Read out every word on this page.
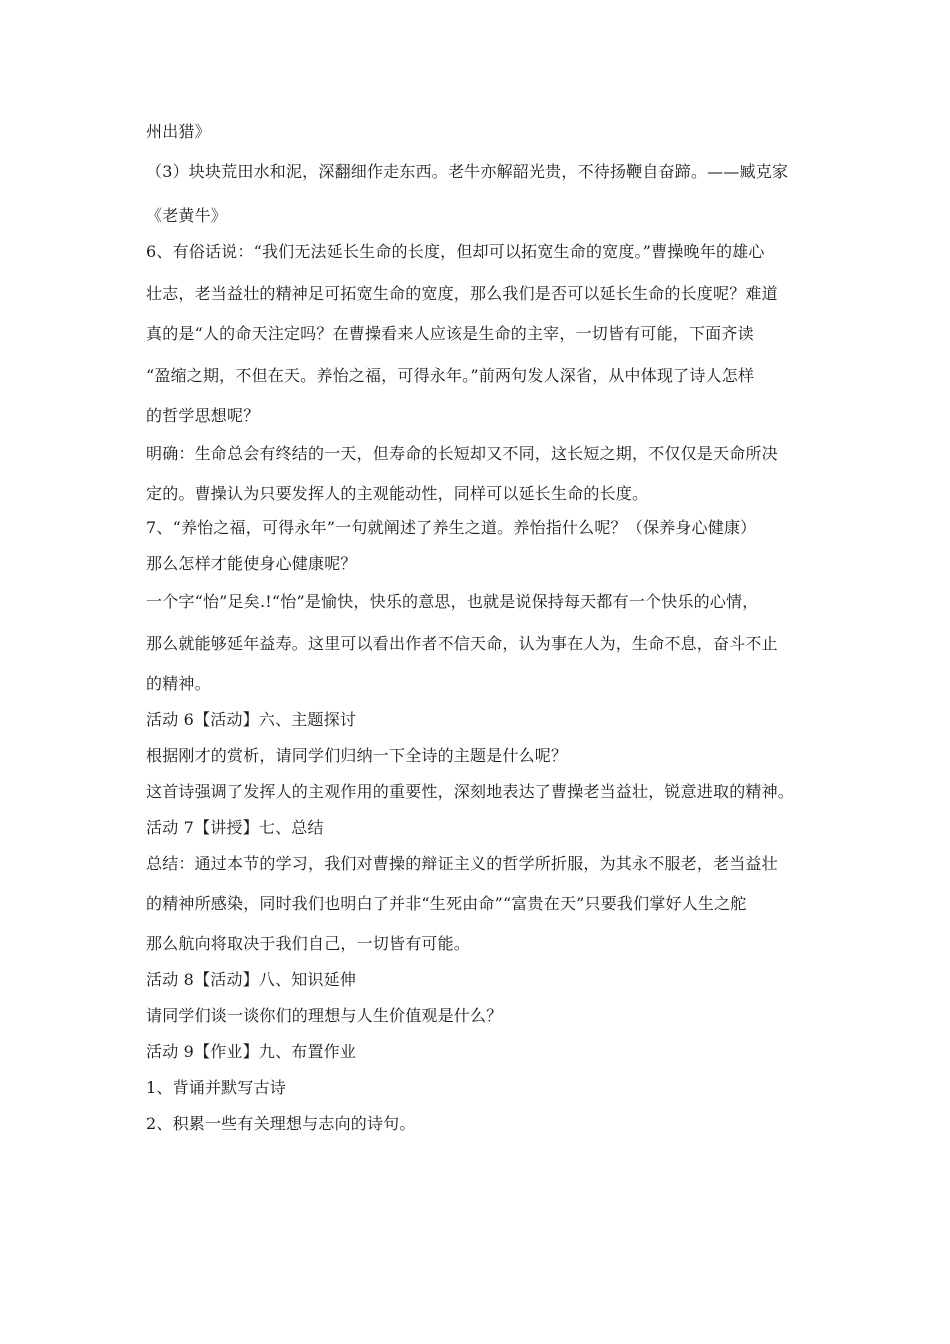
州出猎》
（3）块块荒田水和泥，深翻细作走东西。老牛亦解韶光贵，不待扬鞭自奋蹄。——臧克家
《老黄牛》
6、有俗话说：“我们无法延长生命的长度，但却可以拓宽生命的宽度。”曹操晚年的雄心
壮志，老当益壮的精神足可拓宽生命的宽度，那么我们是否可以延长生命的长度呢？难道
真的是“人的命天注定吗？在曹操看来人应该是生命的主宰，一切皆有可能，下面齐读
“盈缩之期，不但在天。养怡之福，可得永年。”前两句发人深省，从中体现了诗人怎样
的哲学思想呢？
明确：生命总会有终结的一天，但寿命的长短却又不同，这长短之期，不仅仅是天命所决
定的。曹操认为只要发挥人的主观能动性，同样可以延长生命的长度。
7、“养怡之福，可得永年”一句就阐述了养生之道。养怡指什么呢？（保养身心健康）
那么怎样才能使身心健康呢？
一个字“怡”足矣.!“怡”是愉快，快乐的意思，也就是说保持每天都有一个快乐的心情，
那么就能够延年益寿。这里可以看出作者不信天命，认为事在人为，生命不息，奋斗不止
的精神。
活动 6【活动】六、主题探讨
根据刚才的赏析，请同学们归纳一下全诗的主题是什么呢？
这首诗强调了发挥人的主观作用的重要性，深刻地表达了曹操老当益壮，锐意进取的精神。
活动 7【讲授】七、总结
总结：通过本节的学习，我们对曹操的辩证主义的哲学所折服，为其永不服老，老当益壮
的精神所感染，同时我们也明白了并非“生死由命”“富贵在天”只要我们掌好人生之舵
那么航向将取决于我们自己，一切皆有可能。
活动 8【活动】八、知识延伸
请同学们谈一谈你们的理想与人生价值观是什么？
活动 9【作业】九、布置作业
1、背诵并默写古诗
2、积累一些有关理想与志向的诗句。
